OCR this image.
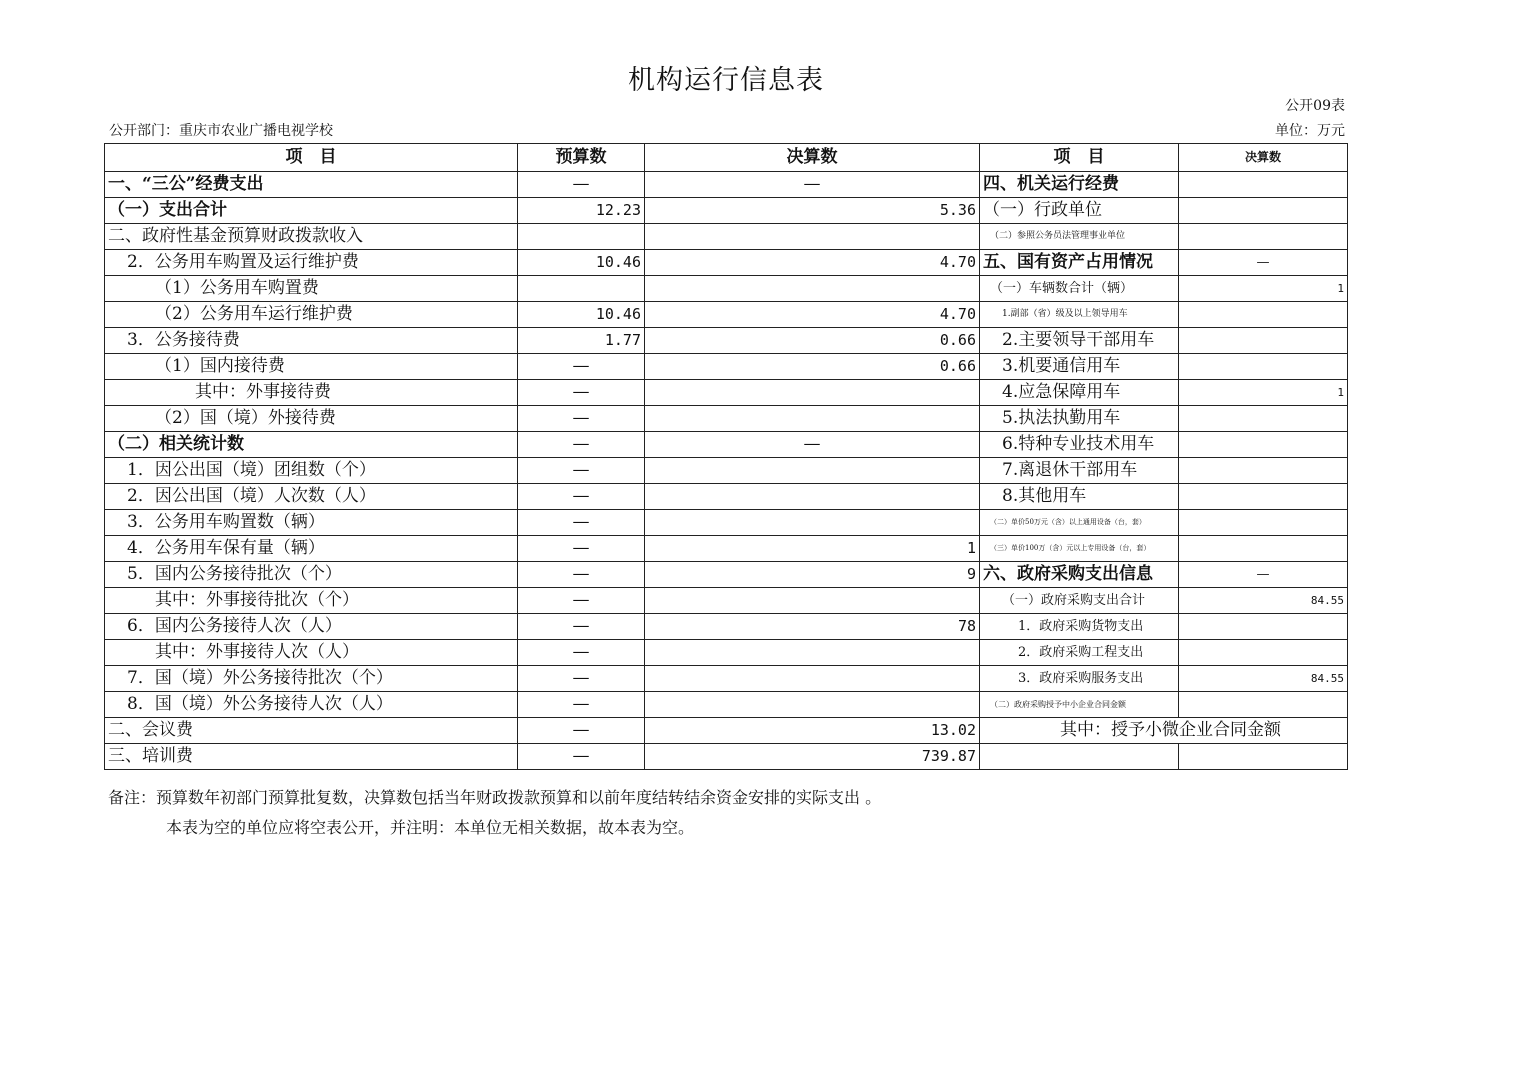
机构运行信息表
公开09表
公开部门：重庆市农业广播电视学校	单位：万元
项　目	预算数	决算数	项　目	决算数
一、“三公”经费支出	—	—	四、机关运行经费	
（一）支出合计	12.23	5.36	（一）行政单位	
二、政府性基金预算财政拨款收入			（二）参照公务员法管理事业单位	
2．公务用车购置及运行维护费	10.46	4.70	五、国有资产占用情况	—
（1）公务用车购置费			（一）车辆数合计（辆）	1
（2）公务用车运行维护费	10.46	4.70	1.副部（省）级及以上领导用车	
3．公务接待费	1.77	0.66	2.主要领导干部用车	
（1）国内接待费	—	0.66	3.机要通信用车	
其中：外事接待费	—		4.应急保障用车	1
（2）国（境）外接待费	—		5.执法执勤用车	
（二）相关统计数	—	—	6.特种专业技术用车	
1．因公出国（境）团组数（个）	—		7.离退休干部用车	
2．因公出国（境）人次数（人）	—		8.其他用车	
3．公务用车购置数（辆）	—		（二）单价50万元（含）以上通用设备（台，套）	
4．公务用车保有量（辆）	—	1	（三）单价100万（含）元以上专用设备（台，套）	
5．国内公务接待批次（个）	—	9	六、政府采购支出信息	—
其中：外事接待批次（个）	—		（一）政府采购支出合计	84.55
6．国内公务接待人次（人）	—	78	1．政府采购货物支出	
其中：外事接待人次（人）	—		2．政府采购工程支出	
7．国（境）外公务接待批次（个）	—		3．政府采购服务支出	84.55
8．国（境）外公务接待人次（人）	—		（二）政府采购授予中小企业合同金额	
二、会议费	—	13.02	其中：授予小微企业合同金额	
三、培训费	—	739.87		
备注：预算数年初部门预算批复数，决算数包括当年财政拨款预算和以前年度结转结余资金安排的实际支出 。
本表为空的单位应将空表公开，并注明：本单位无相关数据，故本表为空。
